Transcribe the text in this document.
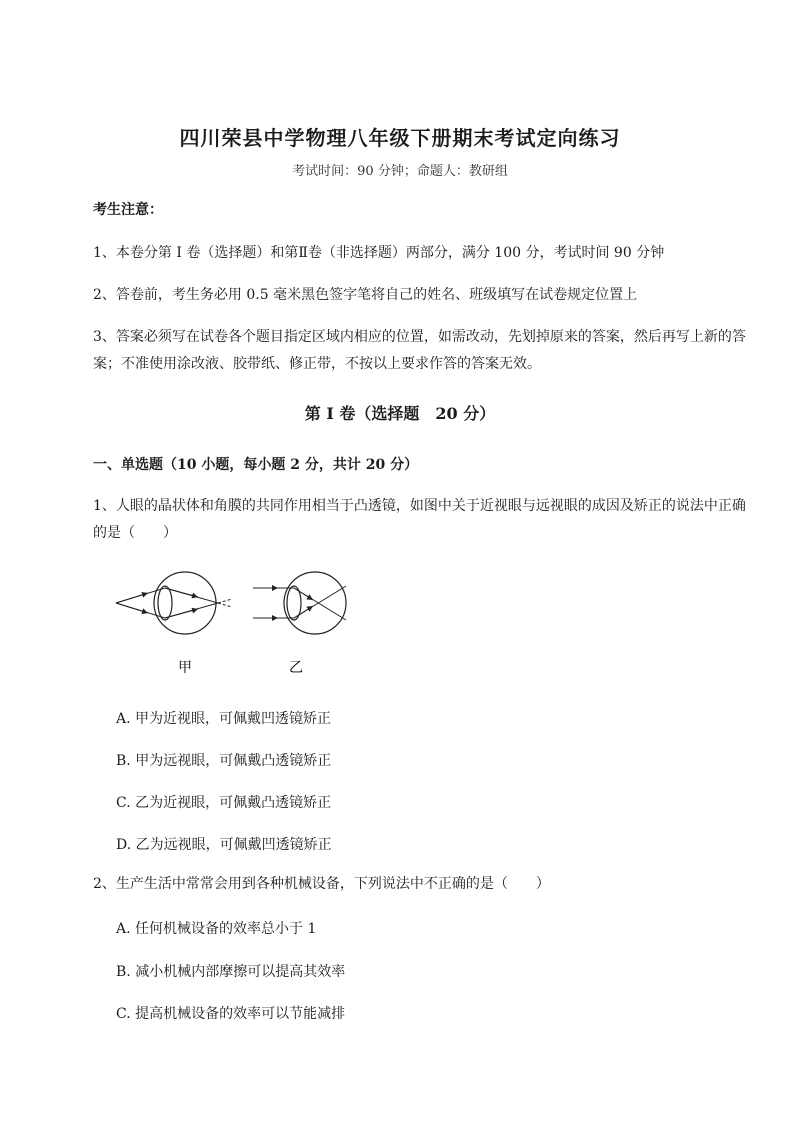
四川荣县中学物理八年级下册期末考试定向练习
考试时间：90 分钟；命题人：教研组
考生注意：
1、本卷分第 I 卷（选择题）和第Ⅱ卷（非选择题）两部分，满分 100 分，考试时间 90 分钟
2、答卷前，考生务必用 0.5 毫米黑色签字笔将自己的姓名、班级填写在试卷规定位置上
3、答案必须写在试卷各个题目指定区域内相应的位置，如需改动，先划掉原来的答案，然后再写上新的答案；不准使用涂改液、胶带纸、修正带，不按以上要求作答的答案无效。
第 I 卷（选择题　20 分）
一、单选题（10 小题，每小题 2 分，共计 20 分）
1、人眼的晶状体和角膜的共同作用相当于凸透镜，如图中关于近视眼与远视眼的成因及矫正的说法中正确的是（　　）
甲	乙
A. 甲为近视眼，可佩戴凹透镜矫正
B. 甲为远视眼，可佩戴凸透镜矫正
C. 乙为近视眼，可佩戴凸透镜矫正
D. 乙为远视眼，可佩戴凹透镜矫正
2、生产生活中常常会用到各种机械设备，下列说法中不正确的是（　　）
A. 任何机械设备的效率总小于 1
B. 减小机械内部摩擦可以提高其效率
C. 提高机械设备的效率可以节能减排
